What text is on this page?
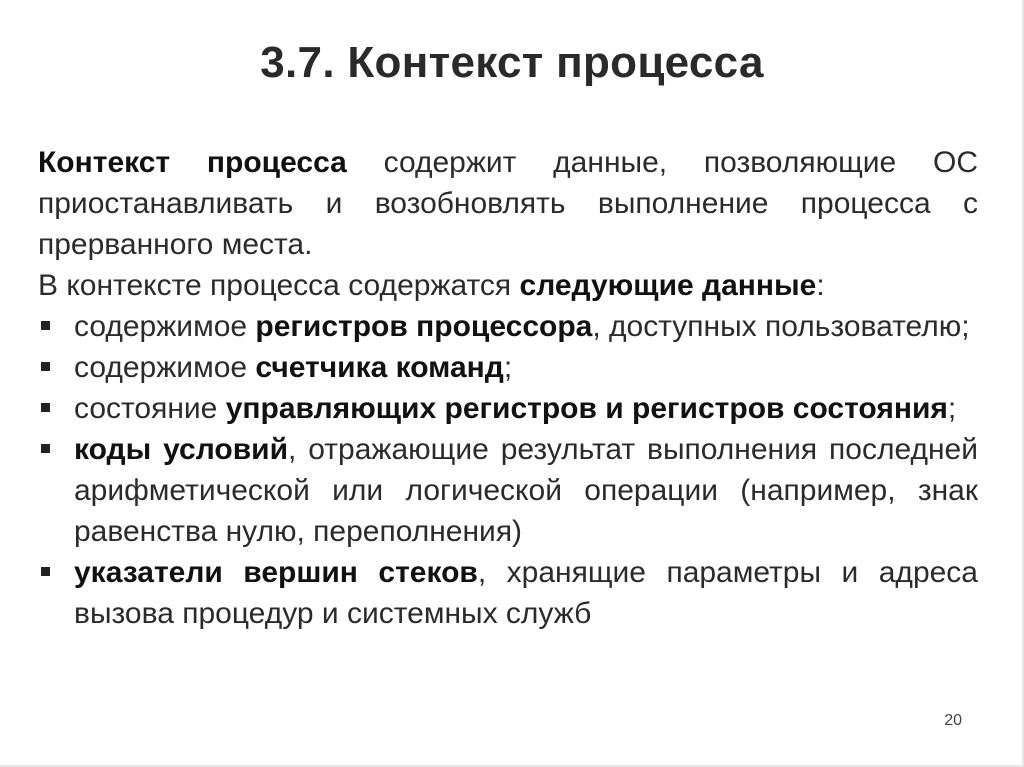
3.7. Контекст процесса

Контекст процесса содержит данные, позволяющие ОС приостанавливать и возобновлять выполнение процесса с прерванного места.

В контексте процесса содержатся следующие данные:

содержимое регистров процессора, доступных пользователю;
содержимое счетчика команд;
состояние управляющих регистров и регистров состояния;
коды условий, отражающие результат выполнения последней арифметической или логической операции (например, знак равенства нулю, переполнения)
указатели вершин стеков, хранящие параметры и адреса вызова процедур и системных служб
20
